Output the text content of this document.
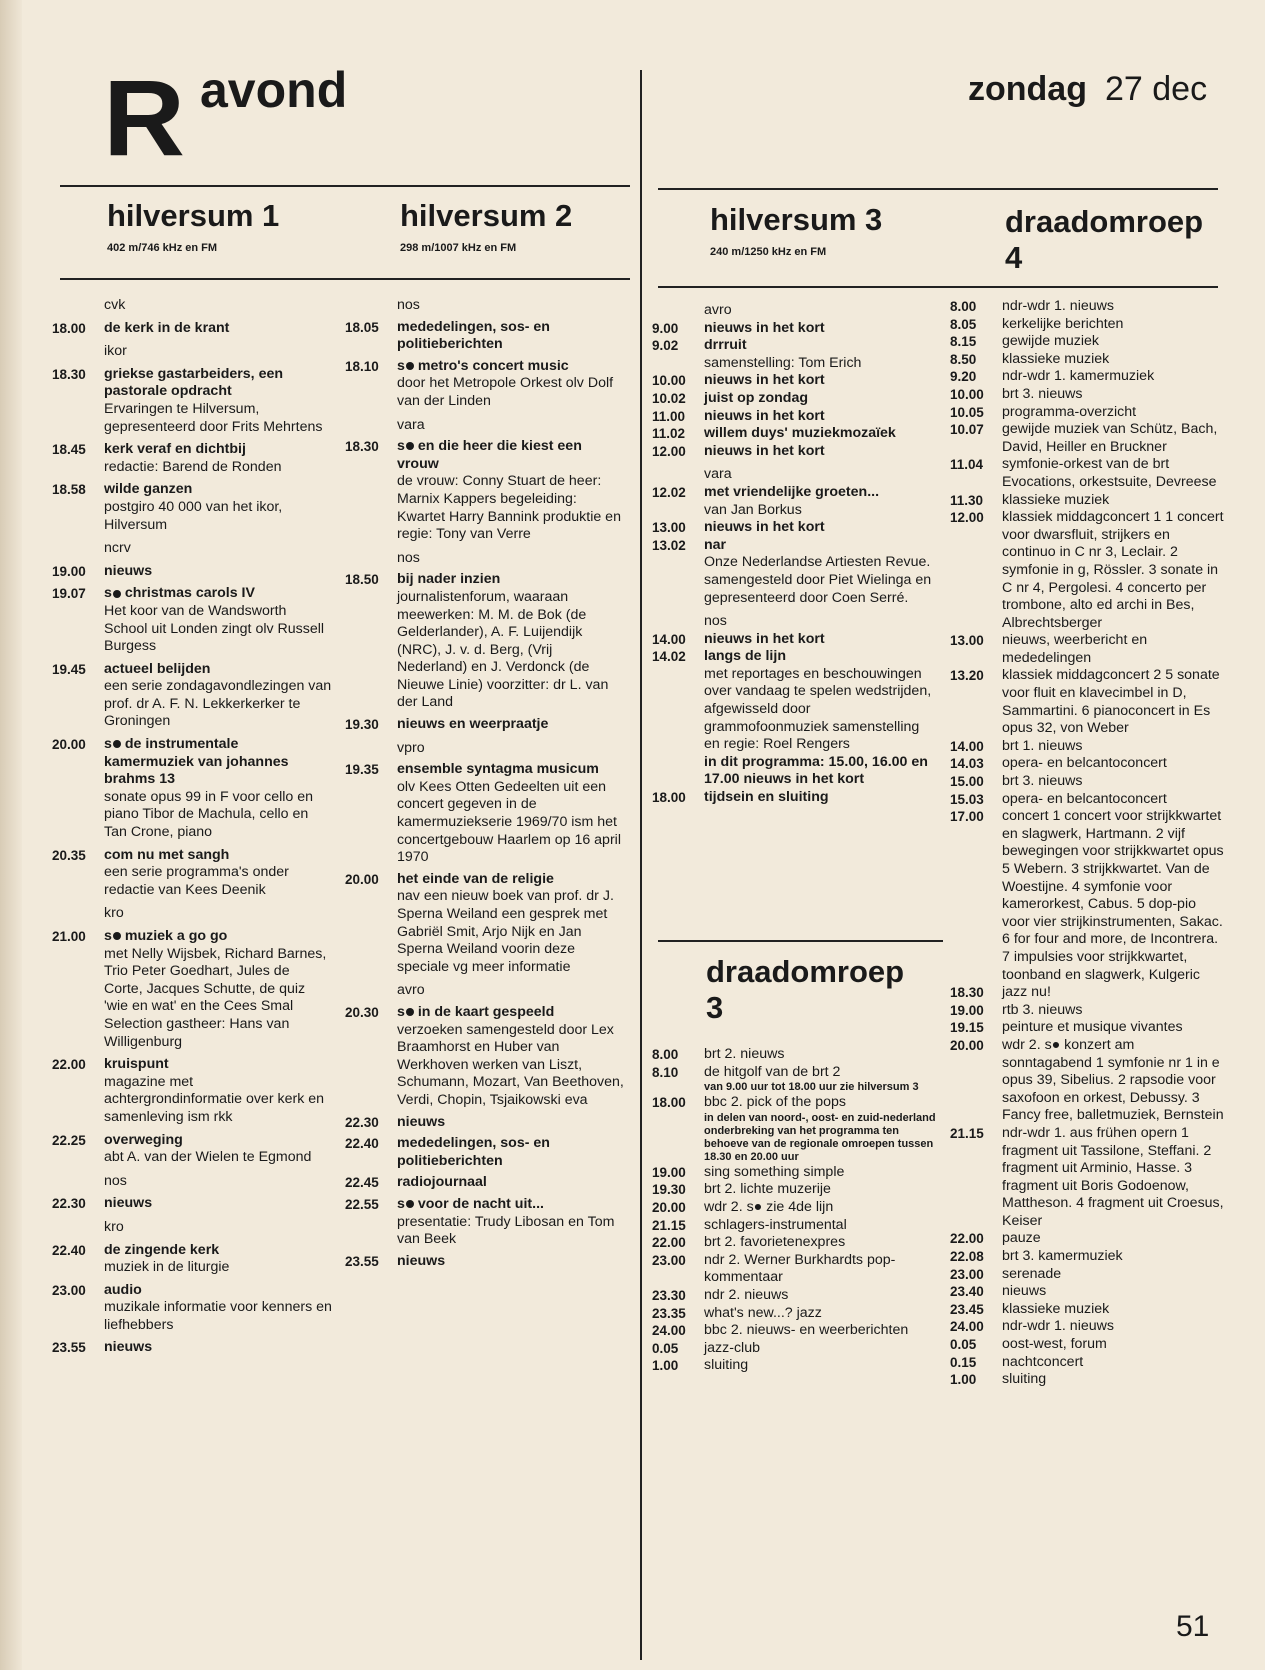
R avond	zondag 27 dec
hilversum 1
402 m/746 kHz en FM
hilversum 2
298 m/1007 kHz en FM
hilversum 3
240 m/1250 kHz en FM
draadomroep
4
draadomroep
3
cvk
18.00 de kerk in de krant
ikor
18.30 griekse gastarbeiders, een pastorale opdracht
Ervaringen te Hilversum, gepresenteerd door Frits Mehrtens
18.45 kerk veraf en dichtbij
redactie: Barend de Ronden
18.58 wilde ganzen
postgiro 40 000 van het ikor, Hilversum
ncrv
19.00 nieuws
19.07 s christmas carols IV
Het koor van de Wandsworth School uit Londen zingt olv Russell Burgess
19.45 actueel belijden
een serie zondagavondlezingen van prof. dr A. F. N. Lekkerkerker te Groningen
20.00 s de instrumentale kamermuziek van johannes brahms 13
sonate opus 99 in F voor cello en piano Tibor de Machula, cello en Tan Crone, piano
20.35 com nu met sangh
een serie programma's onder redactie van Kees Deenik
kro
21.00 s muziek a go go
met Nelly Wijsbek, Richard Barnes, Trio Peter Goedhart, Jules de Corte, Jacques Schutte, de quiz 'wie en wat' en the Cees Smal Selection gastheer: Hans van Willigenburg
22.00 kruispunt
magazine met achtergrondinformatie over kerk en samenleving ism rkk
22.25 overweging
abt A. van der Wielen te Egmond
nos
22.30 nieuws
kro
22.40 de zingende kerk
muziek in de liturgie
23.00 audio
muzikale informatie voor kenners en liefhebbers
23.55 nieuws
nos
18.05 mededelingen, sos- en politieberichten
18.10 s metro's concert music
door het Metropole Orkest olv Dolf van der Linden
vara
18.30 s en die heer die kiest een vrouw
de vrouw: Conny Stuart de heer: Marnix Kappers begeleiding: Kwartet Harry Bannink produktie en regie: Tony van Verre
nos
18.50 bij nader inzien
journalistenforum, waaraan meewerken: M. M. de Bok (de Gelderlander), A. F. Luijendijk (NRC), J. v. d. Berg, (Vrij Nederland) en J. Verdonck (de Nieuwe Linie) voorzitter: dr L. van der Land
19.30 nieuws en weerpraatje
vpro
19.35 ensemble syntagma musicum
olv Kees Otten Gedeelten uit een concert gegeven in de kamermuziekserie 1969/70 ism het concertgebouw Haarlem op 16 april 1970
20.00 het einde van de religie
nav een nieuw boek van prof. dr J. Sperna Weiland een gesprek met Gabriël Smit, Arjo Nijk en Jan Sperna Weiland voorin deze speciale vg meer informatie
avro
20.30 s in de kaart gespeeld
verzoeken samengesteld door Lex Braamhorst en Huber van Werkhoven werken van Liszt, Schumann, Mozart, Van Beethoven, Verdi, Chopin, Tsjaikowski eva
22.30 nieuws
22.40 mededelingen, sos- en politieberichten
22.45 radiojournaal
22.55 s voor de nacht uit...
presentatie: Trudy Libosan en Tom van Beek
23.55 nieuws
avro
9.00 nieuws in het kort
9.02 drrruit
samenstelling: Tom Erich
10.00 nieuws in het kort
10.02 juist op zondag
11.00 nieuws in het kort
11.02 willem duys' muziekmozaïek
12.00 nieuws in het kort
vara
12.02 met vriendelijke groeten...
van Jan Borkus
13.00 nieuws in het kort
13.02 nar
Onze Nederlandse Artiesten Revue. samengesteld door Piet Wielinga en gepresenteerd door Coen Serré.
nos
14.00 nieuws in het kort
14.02 langs de lijn
met reportages en beschouwingen over vandaag te spelen wedstrijden, afgewisseld door grammofoonmuziek samenstelling en regie: Roel Rengers
in dit programma: 15.00, 16.00 en 17.00 nieuws in het kort
18.00 tijdsein en sluiting
8.00 brt 2. nieuws
8.10 de hitgolf van de brt 2
van 9.00 uur tot 18.00 uur zie hilversum 3
18.00 bbc 2. pick of the pops
in delen van noord-, oost- en zuid-nederland onderbreking van het programma ten behoeve van de regionale omroepen tussen 18.30 en 20.00 uur
19.00 sing something simple
19.30 brt 2. lichte muzerije
20.00 wdr 2. s● zie 4de lijn
21.15 schlagers-instrumental
22.00 brt 2. favorietenexpres
23.00 ndr 2. Werner Burkhardts pop-kommentaar
23.30 ndr 2. nieuws
23.35 what's new...? jazz
24.00 bbc 2. nieuws- en weerberichten
0.05 jazz-club
1.00 sluiting
8.00 ndr-wdr 1. nieuws
8.05 kerkelijke berichten
8.15 gewijde muziek
8.50 klassieke muziek
9.20 ndr-wdr 1. kamermuziek
10.00 brt 3. nieuws
10.05 programma-overzicht
10.07 gewijde muziek van Schütz, Bach, David, Heiller en Bruckner
11.04 symfonie-orkest van de brt Evocations, orkestsuite, Devreese
11.30 klassieke muziek
12.00 klassiek middagconcert 1 1 concert voor dwarsfluit, strijkers en continuo in C nr 3, Leclair. 2 symfonie in g, Rössler. 3 sonate in C nr 4, Pergolesi. 4 concerto per trombone, alto ed archi in Bes, Albrechtsberger
13.00 nieuws, weerbericht en mededelingen
13.20 klassiek middagconcert 2 5 sonate voor fluit en klavecimbel in D, Sammartini. 6 pianoconcert in Es opus 32, von Weber
14.00 brt 1. nieuws
14.03 opera- en belcantoconcert
15.00 brt 3. nieuws
15.03 opera- en belcantoconcert
17.00 concert 1 concert voor strijkkwartet en slagwerk, Hartmann. 2 vijf bewegingen voor strijkkwartet opus 5 Webern. 3 strijkkwartet. Van de Woestijne. 4 symfonie voor kamerorkest, Cabus. 5 dop-pio voor vier strijkinstrumenten, Sakac. 6 for four and more, de Incontrera. 7 impulsies voor strijkkwartet, toonband en slagwerk, Kulgeric
18.30 jazz nu!
19.00 rtb 3. nieuws
19.15 peinture et musique vivantes
20.00 wdr 2. s● konzert am sonntagabend 1 symfonie nr 1 in e opus 39, Sibelius. 2 rapsodie voor saxofoon en orkest, Debussy. 3 Fancy free, balletmuziek, Bernstein
21.15 ndr-wdr 1. aus frühen opern 1 fragment uit Tassilone, Steffani. 2 fragment uit Arminio, Hasse. 3 fragment uit Boris Godoenow, Mattheson. 4 fragment uit Croesus, Keiser
22.00 pauze
22.08 brt 3. kamermuziek
23.00 serenade
23.40 nieuws
23.45 klassieke muziek
24.00 ndr-wdr 1. nieuws
0.05 oost-west, forum
0.15 nachtconcert
1.00 sluiting
51
